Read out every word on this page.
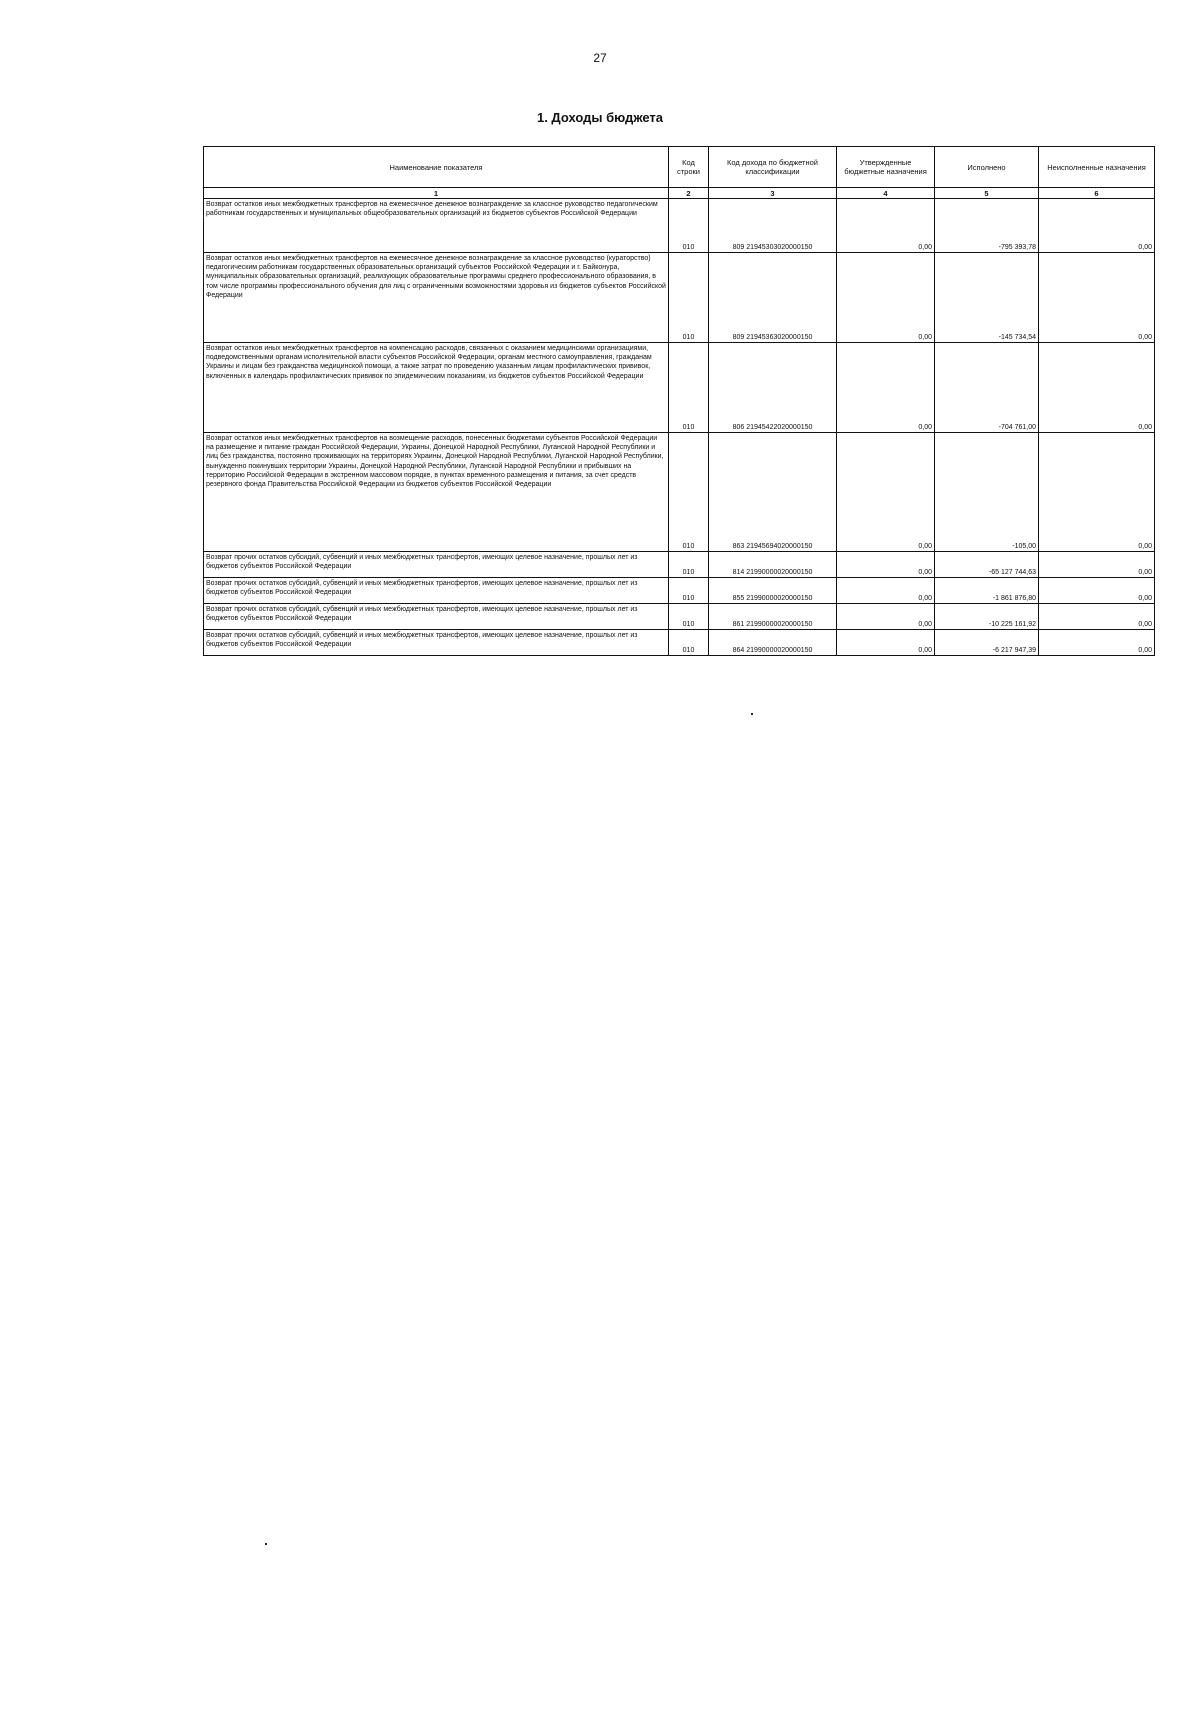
27
1. Доходы бюджета
Наименование показателя	Код строки	Код дохода по бюджетной классификации	Утвержденные бюджетные назначения	Исполнено	Неисполненные назначения
1	2	3	4	5	6
Возврат остатков иных межбюджетных трансфертов на ежемесячное денежное вознаграждение за классное руководство педагогическим работникам государственных и муниципальных общеобразовательных организаций из бюджетов субъектов Российской Федерации	010	809 21945303020000150	0,00	-795 393,78	0,00
Возврат остатков иных межбюджетных трансфертов на ежемесячное денежное вознаграждение за классное руководство (кураторство) педагогическим работникам государственных образовательных организаций субъектов Российской Федерации и г. Байконура, муниципальных образовательных организаций, реализующих образовательные программы среднего профессионального образования, в том числе программы профессионального обучения для лиц с ограниченными возможностями здоровья из бюджетов субъектов Российской Федерации	010	809 21945363020000150	0,00	-145 734,54	0,00
Возврат остатков иных межбюджетных трансфертов на компенсацию расходов, связанных с оказанием медицинскими организациями, подведомственными органам исполнительной власти субъектов Российской Федерации, органам местного самоуправления, гражданам Украины и лицам без гражданства медицинской помощи, а также затрат по проведению указанным лицам профилактических прививок, включенных в календарь профилактических прививок по эпидемическим показаниям, из бюджетов субъектов Российской Федерации	010	806 21945422020000150	0,00	-704 761,00	0,00
Возврат остатков иных межбюджетных трансфертов на возмещение расходов, понесенных бюджетами субъектов Российской Федерации на размещение и питание граждан Российской Федерации, Украины, Донецкой Народной Республики, Луганской Народной Республики и лиц без гражданства, постоянно проживающих на территориях Украины, Донецкой Народной Республики, Луганской Народной Республики, вынужденно покинувших территории Украины, Донецкой Народной Республики, Луганской Народной Республики и прибывших на территорию Российской Федерации в экстренном массовом порядке, в пунктах временного размещения и питания, за счет средств резервного фонда Правительства Российской Федерации из бюджетов субъектов Российской Федерации	010	863 21945694020000150	0,00	-105,00	0,00
Возврат прочих остатков субсидий, субвенций и иных межбюджетных трансфертов, имеющих целевое назначение, прошлых лет из бюджетов субъектов Российской Федерации	010	814 21990000020000150	0,00	-65 127 744,63	0,00
Возврат прочих остатков субсидий, субвенций и иных межбюджетных трансфертов, имеющих целевое назначение, прошлых лет из бюджетов субъектов Российской Федерации	010	855 21990000020000150	0,00	-1 861 876,80	0,00
Возврат прочих остатков субсидий, субвенций и иных межбюджетных трансфертов, имеющих целевое назначение, прошлых лет из бюджетов субъектов Российской Федерации	010	861 21990000020000150	0,00	-10 225 161,92	0,00
Возврат прочих остатков субсидий, субвенций и иных межбюджетных трансфертов, имеющих целевое назначение, прошлых лет из бюджетов субъектов Российской Федерации	010	864 21990000020000150	0,00	-6 217 947,39	0,00
